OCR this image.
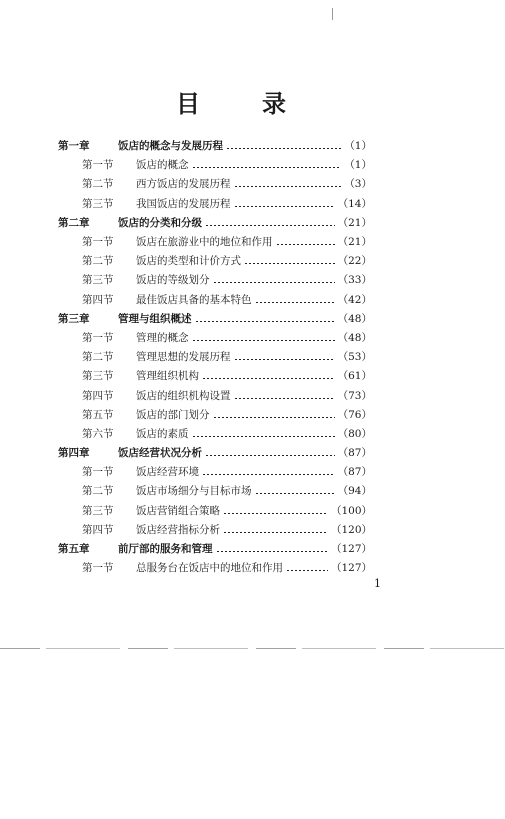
目	录
第一章	饭店的概念与发展历程	（1）
第一节	饭店的概念	（1）
第二节	西方饭店的发展历程	（3）
第三节	我国饭店的发展历程	（14）
第二章	饭店的分类和分级	（21）
第一节	饭店在旅游业中的地位和作用	（21）
第二节	饭店的类型和计价方式	（22）
第三节	饭店的等级划分	（33）
第四节	最佳饭店具备的基本特色	（42）
第三章	管理与组织概述	（48）
第一节	管理的概念	（48）
第二节	管理思想的发展历程	（53）
第三节	管理组织机构	（61）
第四节	饭店的组织机构设置	（73）
第五节	饭店的部门划分	（76）
第六节	饭店的素质	（80）
第四章	饭店经营状况分析	（87）
第一节	饭店经营环境	（87）
第二节	饭店市场细分与目标市场	（94）
第三节	饭店营销组合策略	（100）
第四节	饭店经营指标分析	（120）
第五章	前厅部的服务和管理	（127）
第一节	总服务台在饭店中的地位和作用	（127）
1
